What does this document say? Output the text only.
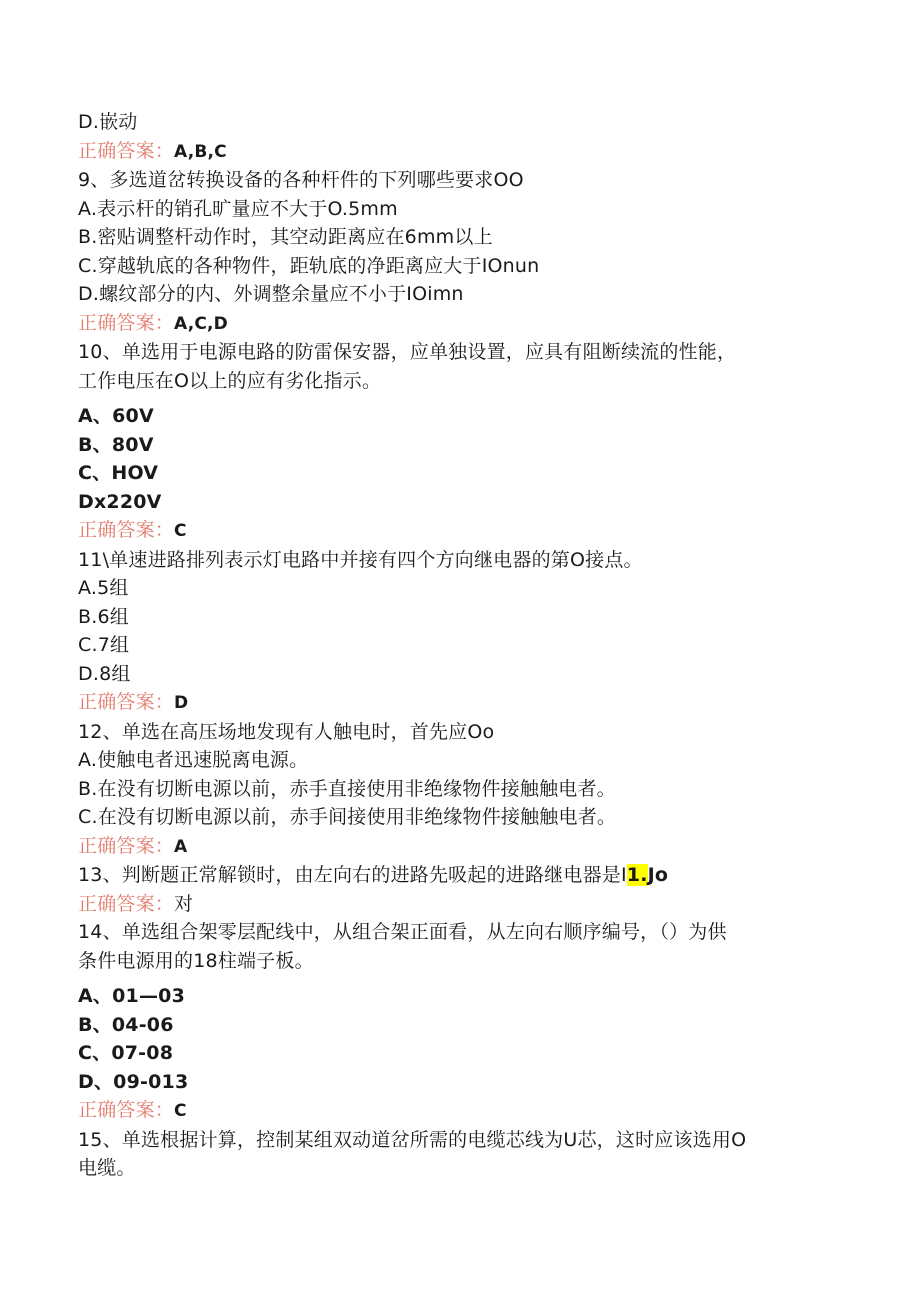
D.嵌动
正确答案：A,B,C
9、多选道岔转换设备的各种杆件的下列哪些要求OO
A.表示杆的销孔旷量应不大于O.5mm
B.密贴调整杆动作时，其空动距离应在6mm以上
C.穿越轨底的各种物件，距轨底的净距离应大于IOnun
D.螺纹部分的内、外调整余量应不小于IOimn
正确答案：A,C,D
10、单选用于电源电路的防雷保安器，应单独设置，应具有阻断续流的性能，
工作电压在O以上的应有劣化指示。
A、60V
B、80V
C、HOV
Dx220V
正确答案：C
11\单速进路排列表示灯电路中并接有四个方向继电器的第O接点。
A.5组
B.6组
C.7组
D.8组
正确答案：D
12、单选在高压场地发现有人触电时，首先应Oo
A.使触电者迅速脱离电源。
B.在没有切断电源以前，赤手直接使用非绝缘物件接触触电者。
C.在没有切断电源以前，赤手间接使用非绝缘物件接触触电者。
正确答案：A
13、判断题正常解锁时，由左向右的进路先吸起的进路继电器是I1.Jo
正确答案：对
14、单选组合架零层配线中，从组合架正面看，从左向右顺序编号，（）为供
条件电源用的18柱端子板。
A、01—03
B、04-06
C、07-08
D、09-013
正确答案：C
15、单选根据计算，控制某组双动道岔所需的电缆芯线为U芯，这时应该选用O
电缆。
